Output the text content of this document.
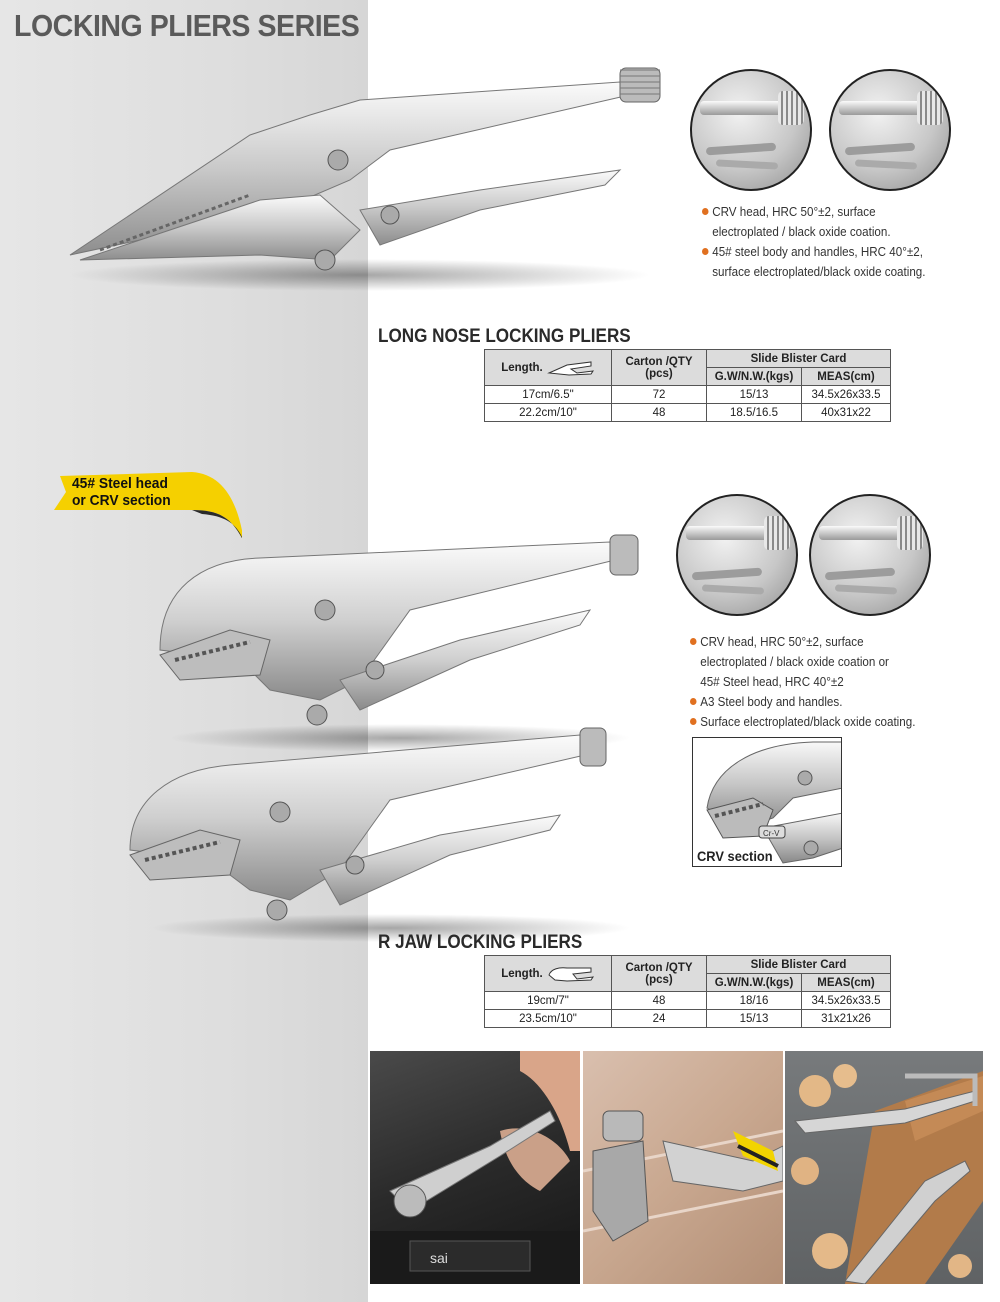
LOCKING PLIERS SERIES
CRV head, HRC 50°±2, surface
electroplated / black oxide coation.
45# steel body and handles, HRC 40°±2,
surface electroplated/black oxide coating.
LONG NOSE LOCKING PLIERS
Length.	Carton /QTY
(pcs)	Slide Blister Card	
		G.W/N.W.(kgs)	MEAS(cm)
17cm/6.5"	72	15/13	34.5x26x33.5
22.2cm/10"	48	18.5/16.5	40x31x22
45# Steel head
or CRV section
CRV head, HRC 50°±2, surface
electroplated / black oxide coation or
45# Steel head, HRC 40°±2
A3 Steel body and handles.
Surface electroplated/black oxide coating.
Cr-V
CRV section
R JAW LOCKING PLIERS
Length.	Carton /QTY
(pcs)	Slide Blister Card	
		G.W/N.W.(kgs)	MEAS(cm)
19cm/7"	48	18/16	34.5x26x33.5
23.5cm/10"	24	15/13	31x21x26
sai
